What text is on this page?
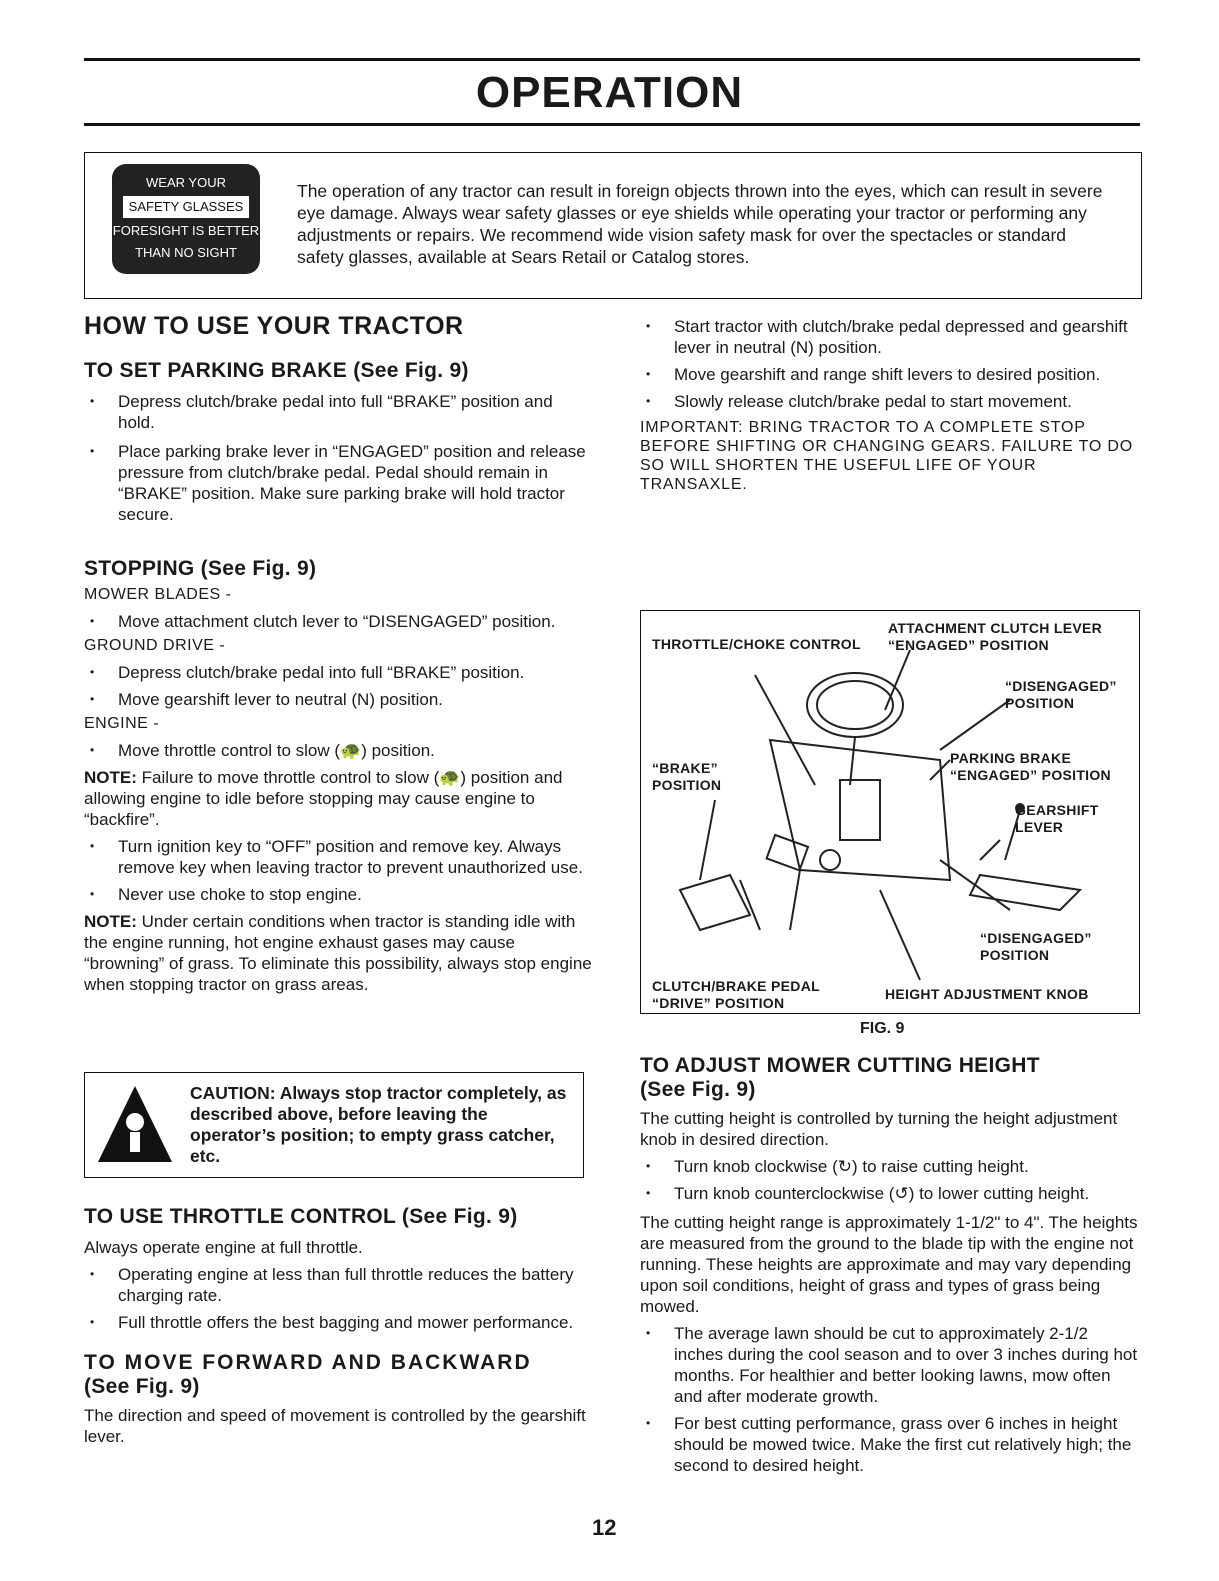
OPERATION
WEAR YOUR
SAFETY GLASSES
FORESIGHT IS BETTER
THAN NO SIGHT
The operation of any tractor can result in foreign objects thrown into the eyes, which can result in severe eye damage. Always wear safety glasses or eye shields while operating your tractor or performing any adjustments or repairs. We recommend wide vision safety mask for over the spectacles or standard safety glasses, available at Sears Retail or Catalog stores.
HOW TO USE YOUR TRACTOR
TO SET PARKING BRAKE (See Fig. 9)
• Depress clutch/brake pedal into full “BRAKE” position and hold.
• Place parking brake lever in “ENGAGED” position and release pressure from clutch/brake pedal. Pedal should remain in “BRAKE” position. Make sure parking brake will hold tractor secure.
STOPPING (See Fig. 9)
MOWER BLADES -
• Move attachment clutch lever to “DISENGAGED” position.
GROUND DRIVE -
• Depress clutch/brake pedal into full “BRAKE” position.
• Move gearshift lever to neutral (N) position.
ENGINE -
• Move throttle control to slow (🐢) position.
NOTE: Failure to move throttle control to slow (🐢) position and allowing engine to idle before stopping may cause engine to “backfire”.
• Turn ignition key to “OFF” position and remove key. Always remove key when leaving tractor to prevent unauthorized use.
• Never use choke to stop engine.
NOTE: Under certain conditions when tractor is standing idle with the engine running, hot engine exhaust gases may cause “browning” of grass. To eliminate this possibility, always stop engine when stopping tractor on grass areas.
CAUTION: Always stop tractor completely, as described above, before leaving the operator’s position; to empty grass catcher, etc.
TO USE THROTTLE CONTROL (See Fig. 9)
Always operate engine at full throttle.
• Operating engine at less than full throttle reduces the battery charging rate.
• Full throttle offers the best bagging and mower performance.
TO MOVE FORWARD AND BACKWARD
(See Fig. 9)
The direction and speed of movement is controlled by the gearshift lever.
• Start tractor with clutch/brake pedal depressed and gearshift lever in neutral (N) position.
• Move gearshift and range shift levers to desired position.
• Slowly release clutch/brake pedal to start movement.
IMPORTANT: BRING TRACTOR TO A COMPLETE STOP BEFORE SHIFTING OR CHANGING GEARS. FAILURE TO DO SO WILL SHORTEN THE USEFUL LIFE OF YOUR TRANSAXLE.
THROTTLE/CHOKE CONTROL
ATTACHMENT CLUTCH LEVER “ENGAGED” POSITION
“DISENGAGED” POSITION
“BRAKE” POSITION
PARKING BRAKE “ENGAGED” POSITION
GEARSHIFT LEVER
“DISENGAGED” POSITION
CLUTCH/BRAKE PEDAL “DRIVE” POSITION
HEIGHT ADJUSTMENT KNOB
FIG. 9
TO ADJUST MOWER CUTTING HEIGHT
(See Fig. 9)
The cutting height is controlled by turning the height adjustment knob in desired direction.
• Turn knob clockwise (↻) to raise cutting height.
• Turn knob counterclockwise (↺) to lower cutting height.
The cutting height range is approximately 1-1/2" to 4". The heights are measured from the ground to the blade tip with the engine not running. These heights are approximate and may vary depending upon soil conditions, height of grass and types of grass being mowed.
• The average lawn should be cut to approximately 2-1/2 inches during the cool season and to over 3 inches during hot months. For healthier and better looking lawns, mow often and after moderate growth.
• For best cutting performance, grass over 6 inches in height should be mowed twice. Make the first cut relatively high; the second to desired height.
12
